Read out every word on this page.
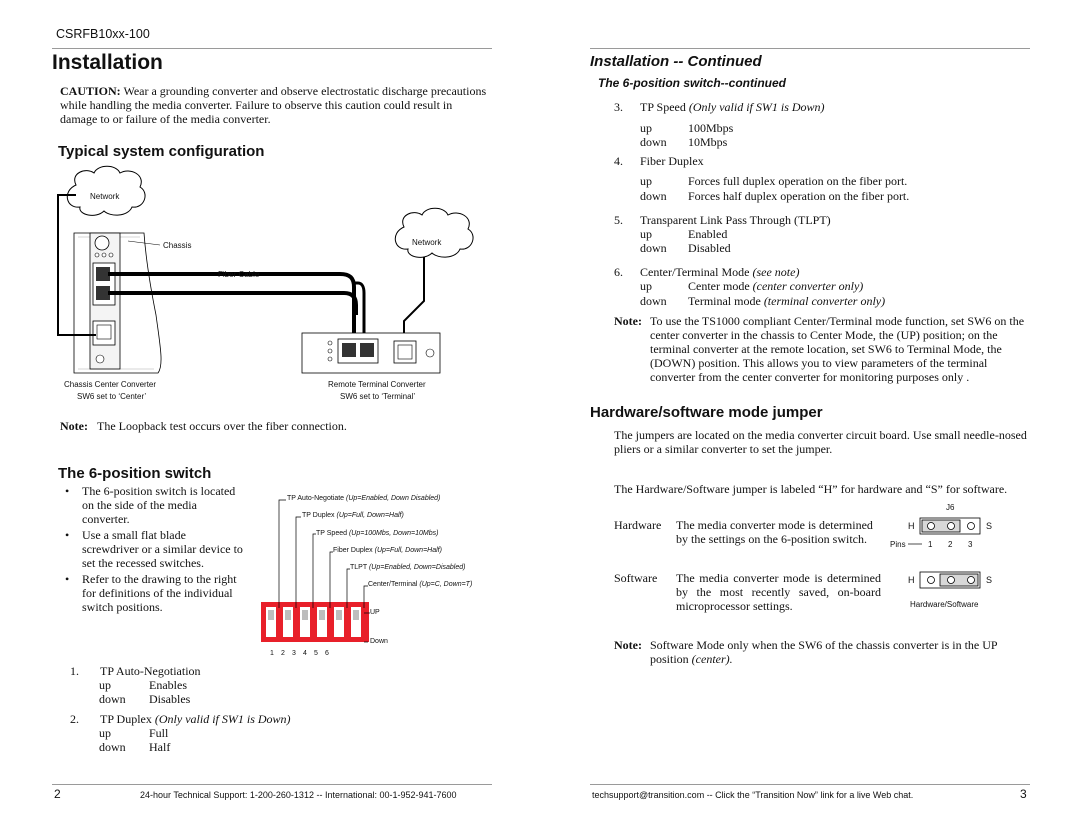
CSRFB10xx-100
Installation
CAUTION: Wear a grounding converter and observe electrostatic discharge precautions while handling the media converter. Failure to observe this caution could result in damage to or failure of the media converter.
Typical system configuration
Network
Network
Chassis
Fiber Cable
Chassis Center Converter
SW6 set to ‘Center’
Remote Terminal Converter
SW6 set to ‘Terminal’
Note: The Loopback test occurs over the fiber connection.
The 6-position switch
• The 6-position switch is located on the side of the media converter.
• Use a small flat blade screwdriver or a similar device to set the recessed switches.
• Refer to the drawing to the right for definitions of the individual switch positions.
TP Auto-Negotiate (Up=Enabled, Down Disabled)
TP Duplex (Up=Full, Down=Half)
TP Speed (Up=100Mbs, Down=10Mbs)
Fiber Duplex (Up=Full, Down=Half)
TLPT (Up=Enabled, Down=Disabled)
Center/Terminal (Up=C, Down=T)
UP
Down
1 2 3 4 5 6
1. TP Auto-Negotiation
up	Enables
down Disables
2. TP Duplex (Only valid if SW1 is Down)
up	Full
down Half
Installation -- Continued
The 6-position switch--continued
3. TP Speed (Only valid if SW1 is Down)
up	100Mbps
down 10Mbps
4. Fiber Duplex
up	Forces full duplex operation on the fiber port.
down Forces half duplex operation on the fiber port.
5. Transparent Link Pass Through (TLPT)
up	Enabled
down Disabled
6. Center/Terminal Mode (see note)
up	Center mode (center converter only)
down Terminal mode (terminal converter only)
Note: To use the TS1000 compliant Center/Terminal mode function, set SW6 on the center converter in the chassis to Center Mode, the (UP) position; on the terminal converter at the remote location, set SW6 to Terminal Mode, the (DOWN) position. This allows you to view parameters of the terminal converter from the center converter for monitoring purposes only .
Hardware/software mode jumper
The jumpers are located on the media converter circuit board. Use small needle-nosed pliers or a similar converter to set the jumper.
The Hardware/Software jumper is labeled “H” for hardware and “S” for software.
Hardware The media converter mode is determined by the settings on the 6-position switch.
Software The media converter mode is determined by the most recently saved, on-board microprocessor settings.
J6
H	S
Pins	1 2 3
H	S
Hardware/Software
Note: Software Mode only when the SW6 of the chassis converter is in the UP position (center).
2	24-hour Technical Support: 1-200-260-1312 -- International: 00-1-952-941-7600	techsupport@transition.com -- Click the “Transition Now” link for a live Web chat.	3
